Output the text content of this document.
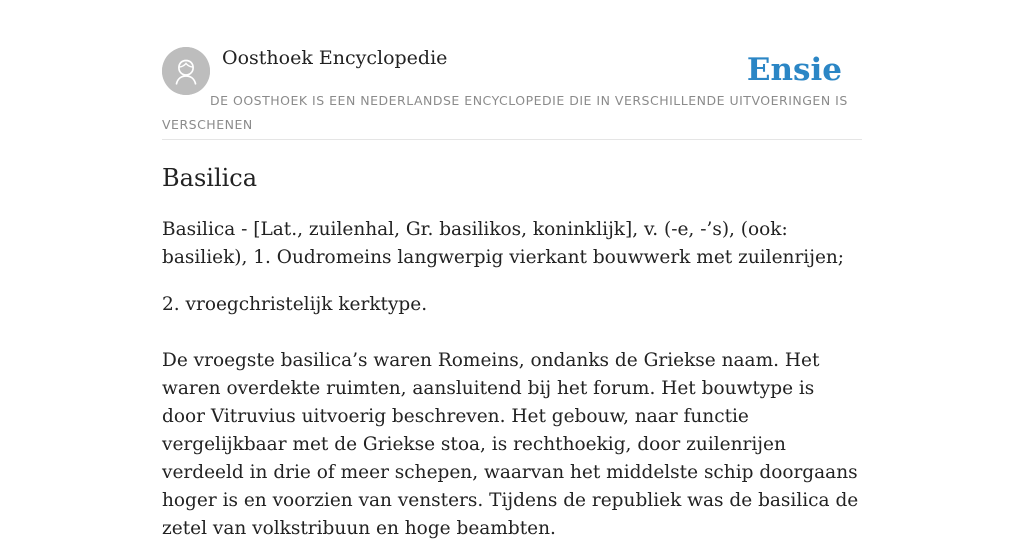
Oosthoek Encyclopedie	Ensie
DE OOSTHOEK IS EEN NEDERLANDSE ENCYCLOPEDIE DIE IN VERSCHILLENDE UITVOERINGEN IS VERSCHENEN
Basilica

Basilica - [Lat., zuilenhal, Gr. basilikos, koninklijk], v. (-e, -’s), (ook: basiliek), 1. Oudromeins langwerpig vierkant bouwwerk met zuilenrijen;

2. vroegchristelijk kerktype.

De vroegste basilica’s waren Romeins, ondanks de Griekse naam. Het waren overdekte ruimten, aansluitend bij het forum. Het bouwtype is door Vitruvius uitvoerig beschreven. Het gebouw, naar functie vergelijkbaar met de Griekse stoa, is rechthoekig, door zuilenrijen verdeeld in drie of meer schepen, waarvan het middelste schip doorgaans hoger is en voorzien van vensters. Tijdens de republiek was de basilica de zetel van volkstribuun en hoge beambten.
